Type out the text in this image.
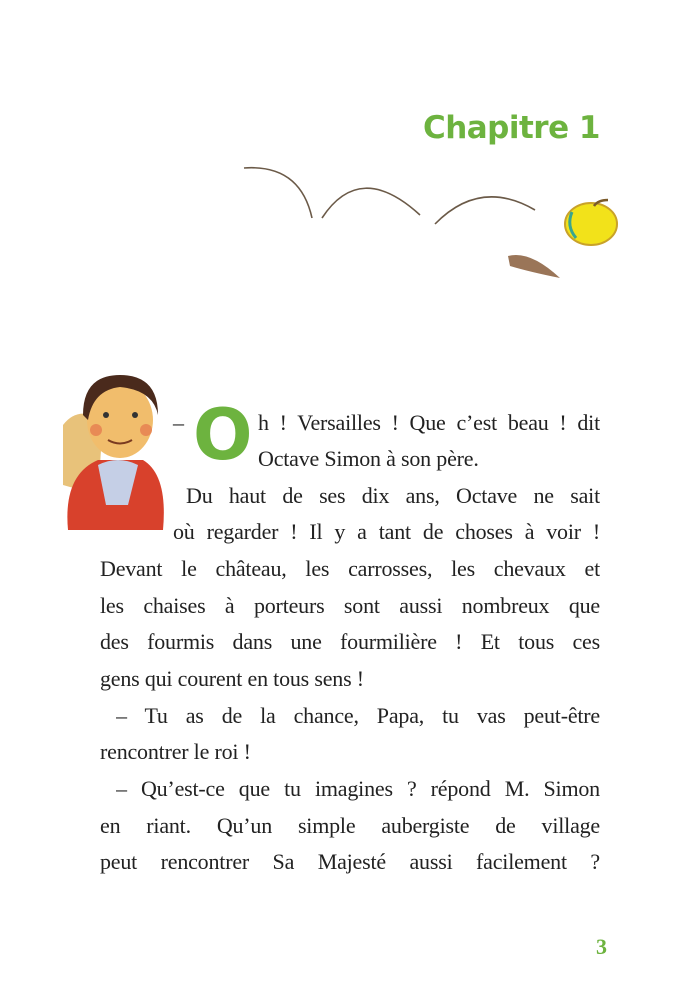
Chapitre 1
– O h ! Versailles ! Que c’est beau ! dit
Octave Simon à son père.
Du haut de ses dix ans, Octave ne sait
où regarder ! Il y a tant de choses à voir !
Devant le château, les carrosses, les chevaux et
les chaises à porteurs sont aussi nombreux que
des fourmis dans une fourmilière ! Et tous ces
gens qui courent en tous sens !
– Tu as de la chance, Papa, tu vas peut-être
rencontrer le roi !
– Qu’est-ce que tu imagines ? répond M. Simon
en riant. Qu’un simple aubergiste de village
peut rencontrer Sa Majesté aussi facilement ?
3
